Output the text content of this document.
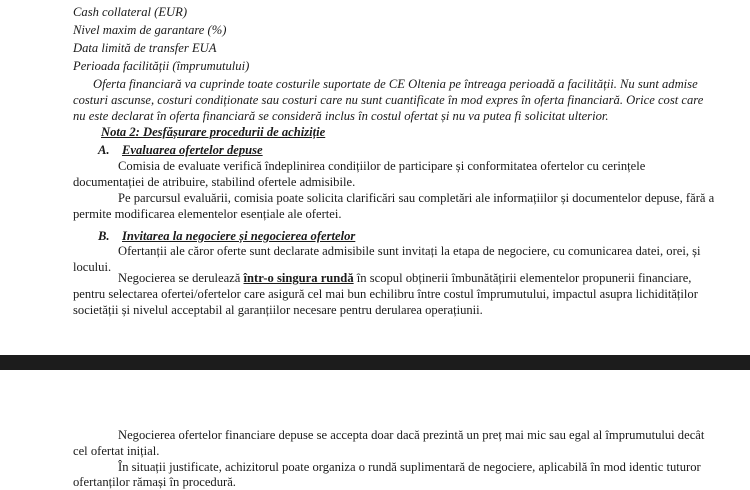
Cash collateral (EUR)
Nivel maxim de garantare (%)
Data limită de transfer EUA
Perioada facilității (împrumutului)
Oferta financiară va cuprinde toate costurile suportate de CE Oltenia pe întreaga perioadă a facilității. Nu sunt admise
costuri ascunse, costuri condiționate sau costuri care nu sunt cuantificate în mod expres în oferta financiară. Orice cost care
nu este declarat în oferta financiară se consideră inclus în costul ofertat și nu va putea fi solicitat ulterior.
Nota 2: Desfășurare procedurii de achiziție
A. Evaluarea ofertelor depuse
Comisia de evaluate verifică îndeplinirea condițiilor de participare și conformitatea ofertelor cu cerințele
documentației de atribuire, stabilind ofertele admisibile.
Pe parcursul evaluării, comisia poate solicita clarificări sau completări ale informațiilor și documentelor depuse, fără a
permite modificarea elementelor esențiale ale ofertei.
B. Invitarea la negociere și negocierea ofertelor
Ofertanții ale căror oferte sunt declarate admisibile sunt invitați la etapa de negociere, cu comunicarea datei, orei, și
locului.
Negocierea se derulează într-o singura rundă în scopul obținerii îmbunătățirii elementelor propunerii financiare,
pentru selectarea ofertei/ofertelor care asigură cel mai bun echilibru între costul împrumutului, impactul asupra lichidităților
societății și nivelul acceptabil al garanțiilor necesare pentru derularea operațiunii.
Negocierea ofertelor financiare depuse se accepta doar dacă prezintă un preț mai mic sau egal al împrumutului decât
cel ofertat inițial.
În situații justificate, achizitorul poate organiza o rundă suplimentară de negociere, aplicabilă în mod identic tuturor
ofertanților rămași în procedură.
